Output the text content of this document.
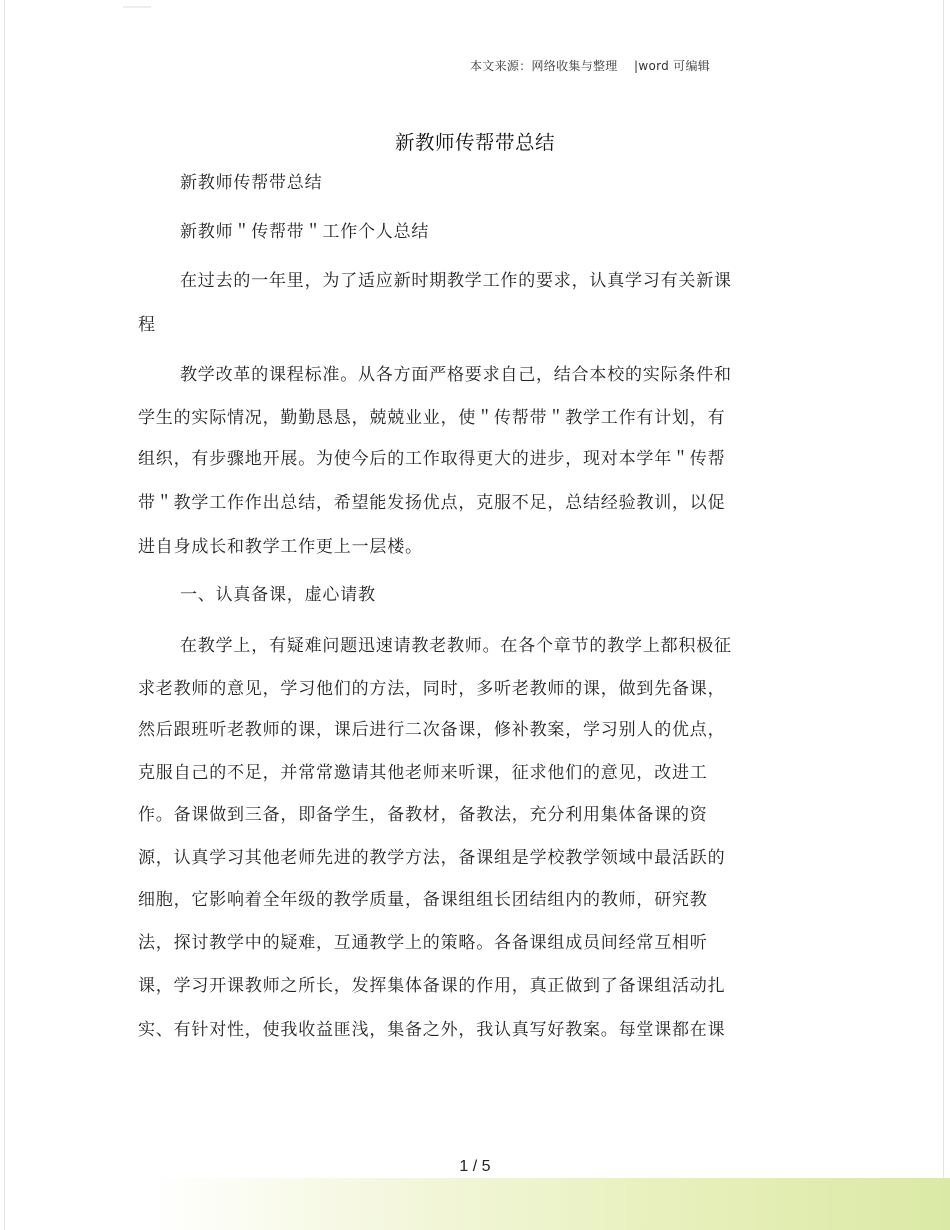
本文来源：网络收集与整理　 |word 可编辑
新教师传帮带总结
新教师传帮带总结
新教师＂传帮带＂工作个人总结
在过去的一年里，为了适应新时期教学工作的要求，认真学习有关新课
程
教学改革的课程标准。从各方面严格要求自己，结合本校的实际条件和
学生的实际情况，勤勤恳恳，兢兢业业，使＂传帮带＂教学工作有计划，有
组织，有步骤地开展。为使今后的工作取得更大的进步，现对本学年＂传帮
带＂教学工作作出总结，希望能发扬优点，克服不足，总结经验教训，以促
进自身成长和教学工作更上一层楼。
一、认真备课，虚心请教
在教学上，有疑难问题迅速请教老教师。在各个章节的教学上都积极征
求老教师的意见，学习他们的方法，同时，多听老教师的课，做到先备课，
然后跟班听老教师的课，课后进行二次备课，修补教案，学习别人的优点，
克服自己的不足，并常常邀请其他老师来听课，征求他们的意见，改进工
作。备课做到三备，即备学生，备教材，备教法，充分利用集体备课的资
源，认真学习其他老师先进的教学方法，备课组是学校教学领域中最活跃的
细胞，它影响着全年级的教学质量，备课组组长团结组内的教师，研究教
法，探讨教学中的疑难，互通教学上的策略。各备课组成员间经常互相听
课，学习开课教师之所长，发挥集体备课的作用，真正做到了备课组活动扎
实、有针对性，使我收益匪浅，集备之外，我认真写好教案。每堂课都在课
1 / 5
